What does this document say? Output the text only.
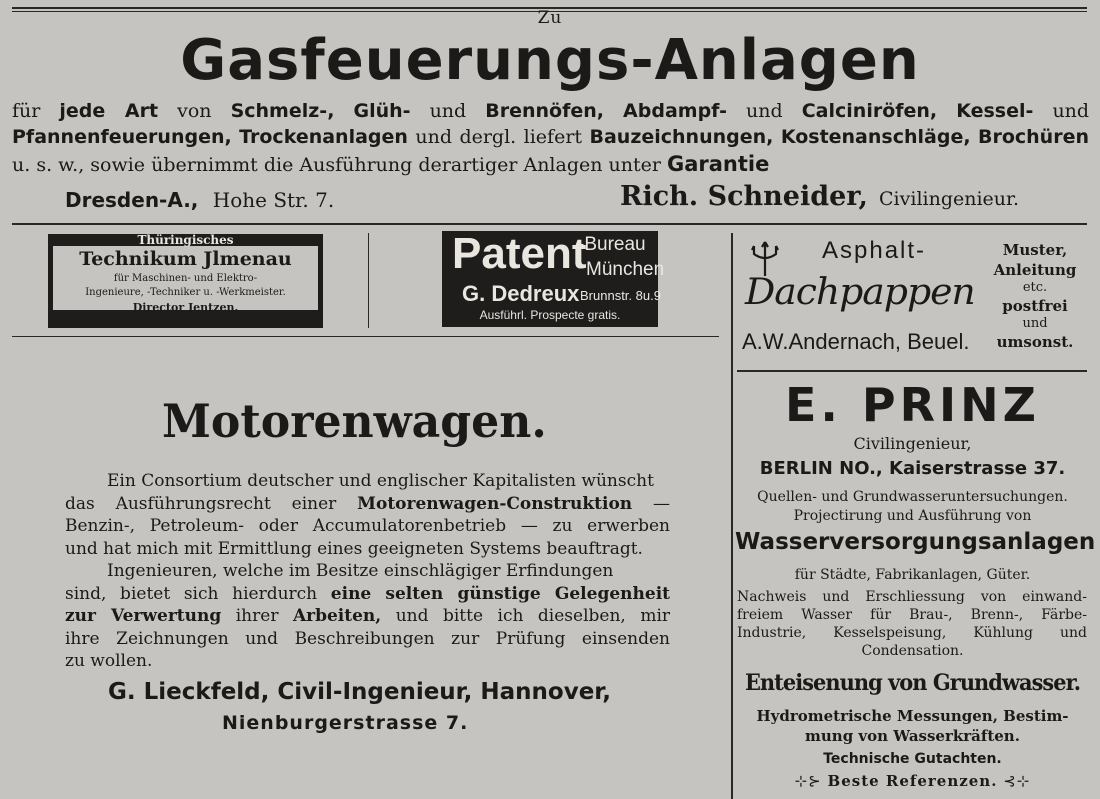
Zu
Gasfeuerungs-Anlagen
für jede Art von Schmelz-, Glüh- und Brennöfen, Abdampf- und Calciniröfen, Kessel- und
Pfannenfeuerungen, Trockenanlagen und dergl. liefert Bauzeichnungen, Kostenanschläge, Brochüren
u. s. w., sowie übernimmt die Ausführung derartiger Anlagen unter Garantie
Dresden-A., Hohe Str. 7.	Rich. Schneider, Civilingenieur.
Thüringisches
Technikum Jlmenau
für Maschinen- und Elektro-
Ingenieure, -Techniker u. -Werkmeister.
Director Jentzen.
Patent
-Bureau
München
G. Dedreux Brunnstr. 8u.9
Ausführl. Prospecte gratis.
Asphalt-
Dachpappen
A.W.Andernach, Beuel.
Muster,
Anleitung
etc.
postfrei
und
umsonst.
Motorenwagen.
Ein Consortium deutscher und englischer Kapitalisten wünscht
das Ausführungsrecht einer Motorenwagen-Construktion —
Benzin-, Petroleum- oder Accumulatorenbetrieb — zu erwerben
und hat mich mit Ermittlung eines geeigneten Systems beauftragt.
Ingenieuren, welche im Besitze einschlägiger Erfindungen
sind, bietet sich hierdurch eine selten günstige Gelegenheit
zur Verwertung ihrer Arbeiten, und bitte ich dieselben, mir
ihre Zeichnungen und Beschreibungen zur Prüfung einsenden
zu wollen.
G. Lieckfeld, Civil-Ingenieur, Hannover,
Nienburgerstrasse 7.
E. PRINZ
Civilingenieur,
BERLIN NO., Kaiserstrasse 37.
Quellen- und Grundwasseruntersuchungen.
Projectirung und Ausführung von
Wasserversorgungsanlagen
für Städte, Fabrikanlagen, Güter.
Nachweis und Erschliessung von einwand-
freiem Wasser für Brau-, Brenn-, Färbe-
Industrie, Kesselspeisung, Kühlung und
Condensation.
Enteisenung von Grundwasser.
Hydrometrische Messungen, Bestim-
mung von Wasserkräften.
Technische Gutachten.
⊹⊱ Beste Referenzen. ⊰⊹
